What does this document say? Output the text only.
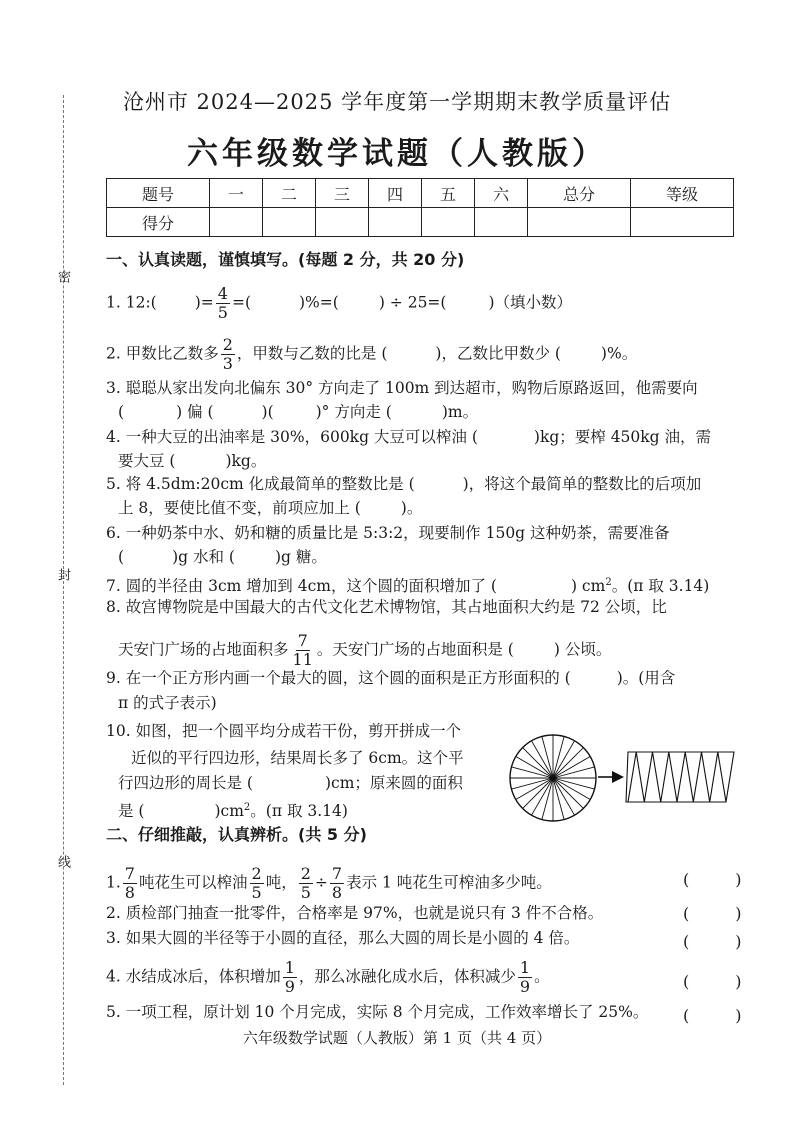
密
封
线
沧州市 2024—2025 学年度第一学期期末教学质量评估
六年级数学试题（人教版）
题号	一	二	三	四	五	六	总分	等级
得分								
一、认真读题，谨慎填写。(每题 2 分，共 20 分)
1. 12:( )= $\frac{4}{5}$ =(	)%=(	) ÷ 25=(	)（填小数）
2. 甲数比乙数多 $\frac{2}{3}$ ，甲数与乙数的比是 (	)，乙数比甲数少 (	)%。
3. 聪聪从家出发向北偏东 30° 方向走了 100m 到达超市，购物后原路返回，他需要向
(	) 偏 (	)(	)° 方向走 (	)m。
4. 一种大豆的出油率是 30%，600kg 大豆可以榨油 (	)kg；要榨 450kg 油，需
要大豆 (	)kg。
5. 将 4.5dm:20cm 化成最简单的整数比是 (	)，将这个最简单的整数比的后项加
上 8，要使比值不变，前项应加上 (	)。
6. 一种奶茶中水、奶和糖的质量比是 5:3:2，现要制作 150g 这种奶茶，需要准备
(	)g 水和 (	)g 糖。
7. 圆的半径由 3cm 增加到 4cm，这个圆的面积增加了 (	) $cm^2$。(π 取 3.14)
8. 故宫博物院是中国最大的古代文化艺术博物馆，其占地面积大约是 72 公顷，比
天安门广场的占地面积多 $\frac{7}{11}$ 。天安门广场的占地面积是 (	) 公顷。
9. 在一个正方形内画一个最大的圆，这个圆的面积是正方形面积的 (	)。(用含
π 的式子表示)
10. 如图，把一个圆平均分成若干份，剪开拼成一个
近似的平行四边形，结果周长多了 6cm。这个平
行四边形的周长是 (	)cm；原来圆的面积
是 (	)$cm^2$。(π 取 3.14)
二、仔细推敲，认真辨析。(共 5 分)
1. $\frac{7}{8}$ 吨花生可以榨油 $\frac{2}{5}$ 吨， $\frac{2}{5} \div \frac{7}{8}$ 表示 1 吨花生可榨油多少吨。	(	)
2. 质检部门抽查一批零件，合格率是 97%，也就是说只有 3 件不合格。	(	)
3. 如果大圆的半径等于小圆的直径，那么大圆的周长是小圆的 4 倍。	(	)
4. 水结成冰后，体积增加 $\frac{1}{9}$ ，那么冰融化成水后，体积减少 $\frac{1}{9}$ 。	(	)
5. 一项工程，原计划 10 个月完成，实际 8 个月完成，工作效率增长了 25%。	(	)
六年级数学试题（人教版）第 1 页（共 4 页）
